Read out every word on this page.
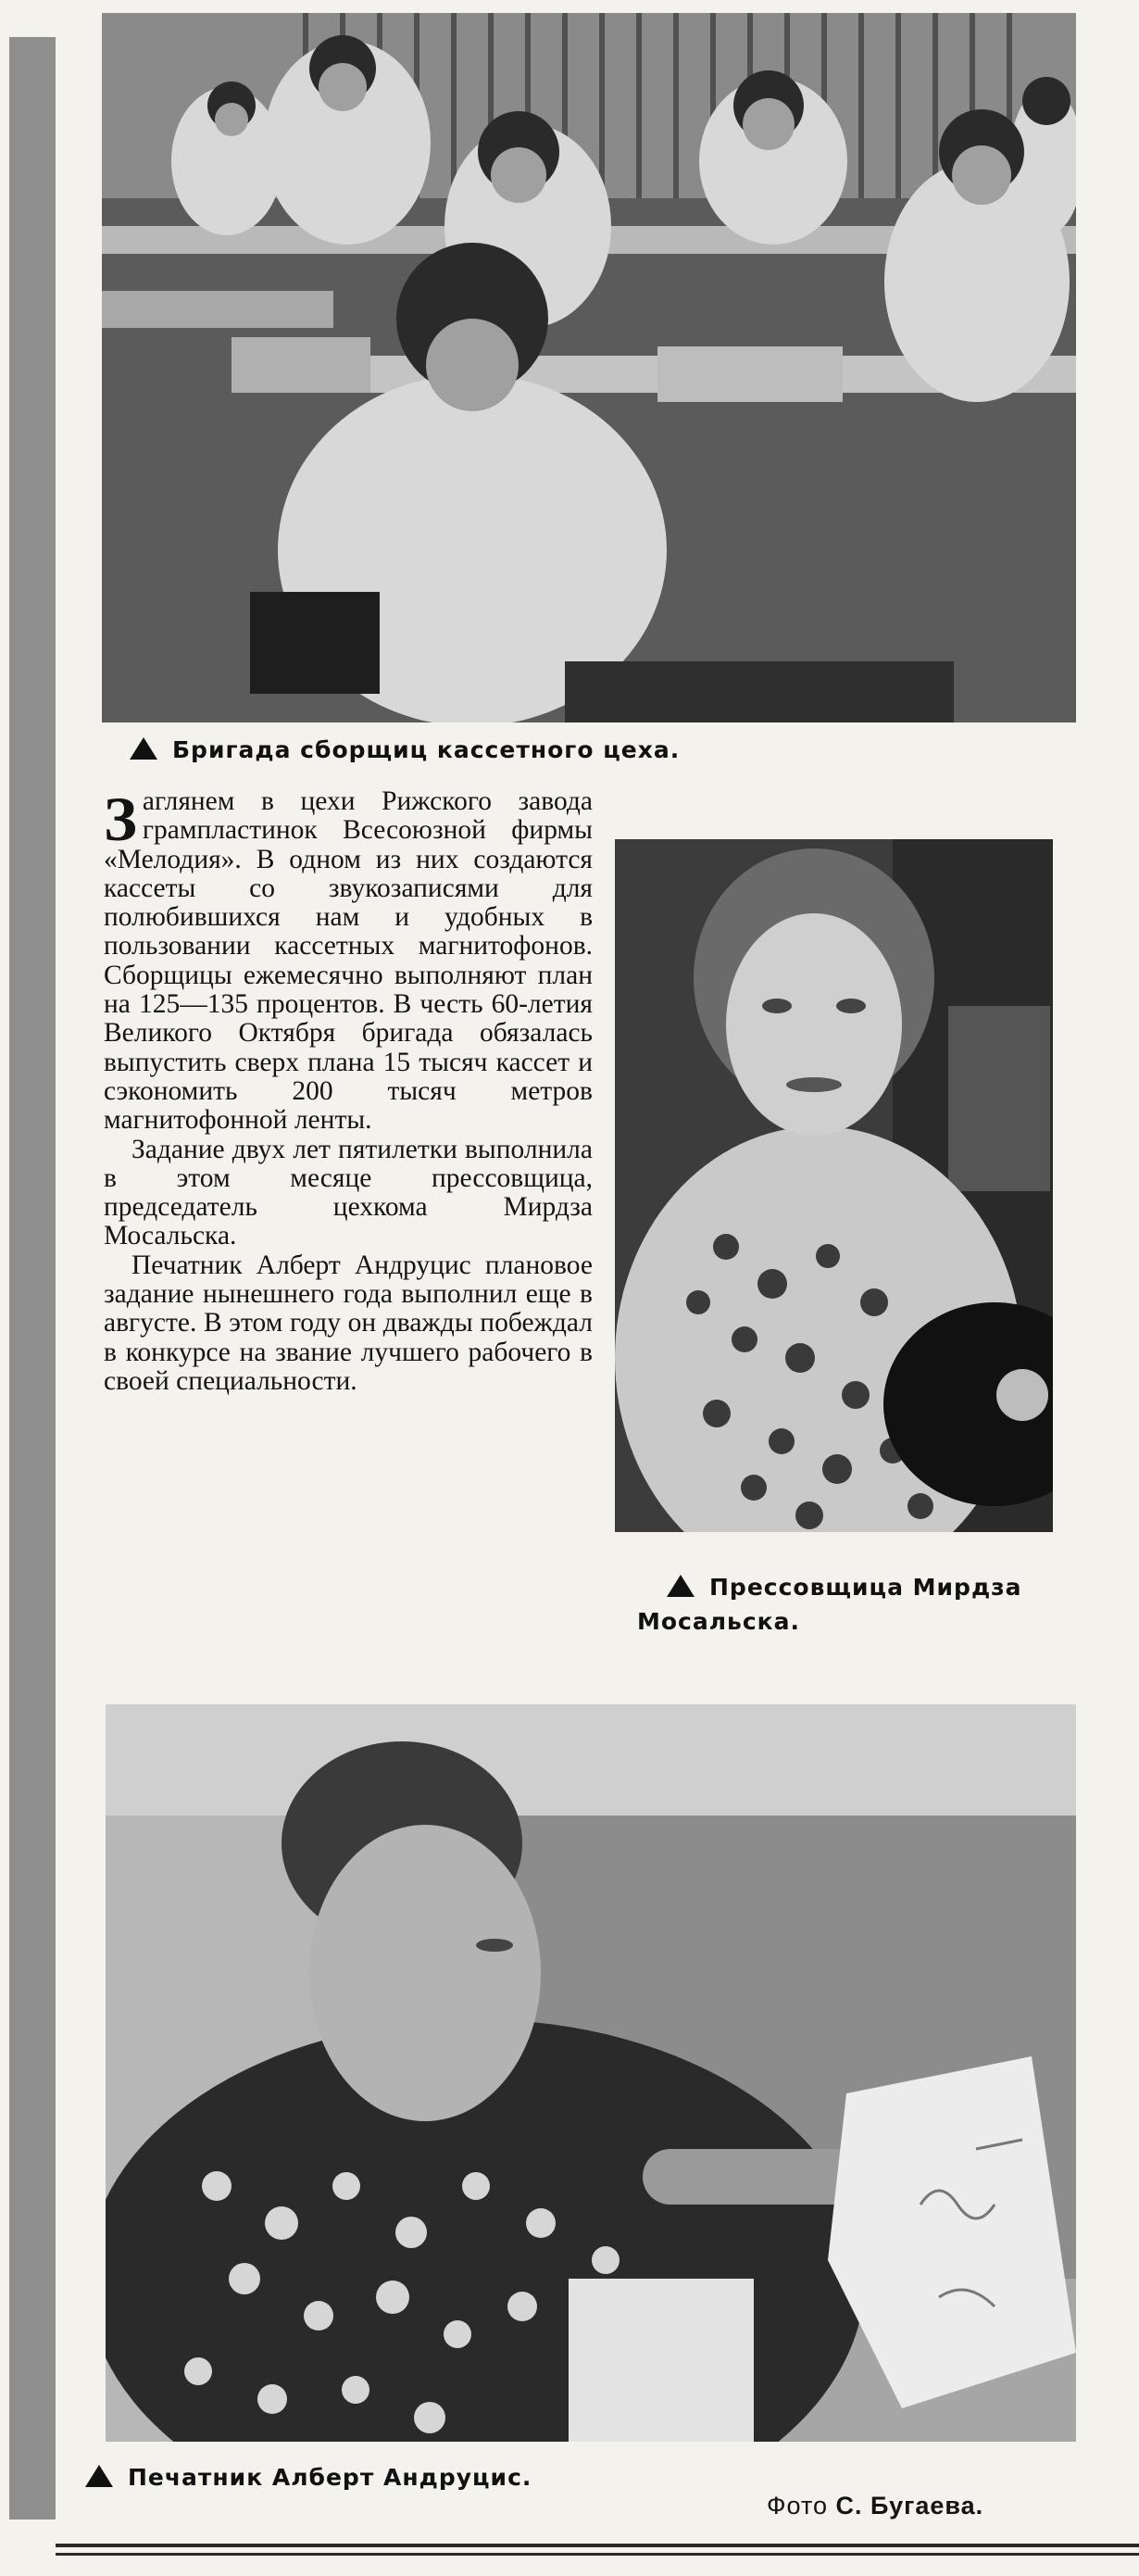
Бригада сборщиц кассетного цеха.

Заглянем в цехи Рижского завода грампластинок Всесоюзной фирмы «Мелодия». В одном из них создаются кассеты со звукозаписями для полюбившихся нам и удобных в пользовании кассетных магнитофонов. Сборщицы ежемесячно выполняют план на 125—135 процентов. В честь 60-летия Великого Октября бригада обязалась выпустить сверх плана 15 тысяч кассет и сэкономить 200 тысяч метров магнитофонной ленты.

Задание двух лет пятилетки выполнила в этом месяце прессовщица, председатель цехкома Мирдза Мосальска.

Печатник Алберт Андруцис плановое задание нынешнего года выполнил еще в августе. В этом году он дважды побеждал в конкурсе на звание лучшего рабочего в своей специальности.

Прессовщица Мирдза
Мосальска.
Печатник Алберт Андруцис.
Фото С. Бугаева.
